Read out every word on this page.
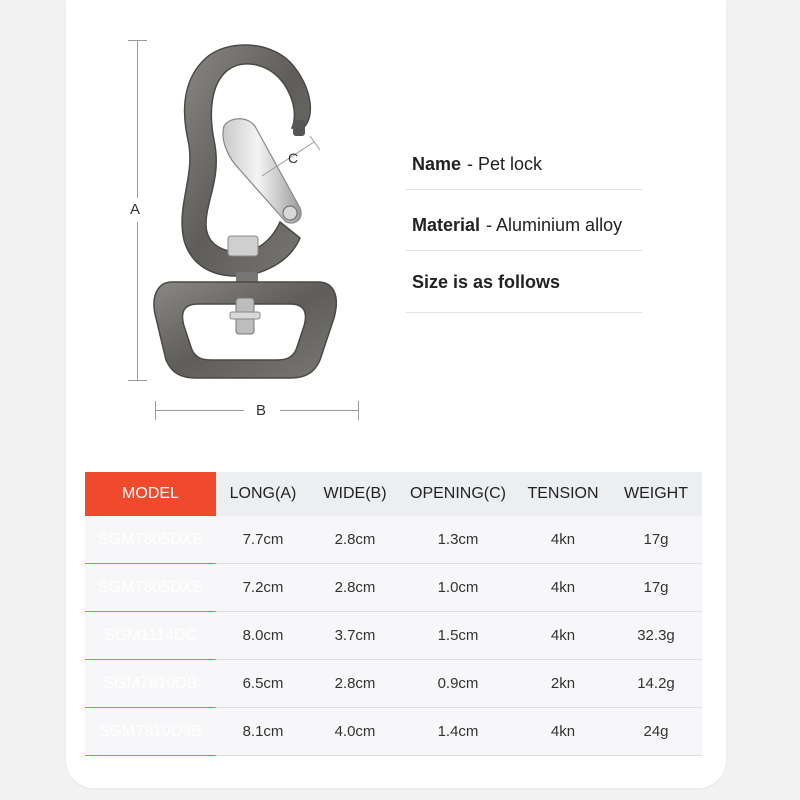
A
B
C	Name - Pet lock
Material - Aluminium alloy
Size is as follows
MODEL	LONG(A)	WIDE(B)	OPENING(C)	TENSION	WEIGHT
SGM7805DXE	7.7cm	2.8cm	1.3cm	4kn	17g
SGM7805DXS	7.2cm	2.8cm	1.0cm	4kn	17g
SGM1114DC	8.0cm	3.7cm	1.5cm	4kn	32.3g
SGM7810DB	6.5cm	2.8cm	0.9cm	2kn	14.2g
SGM7810D3B	8.1cm	4.0cm	1.4cm	4kn	24g
